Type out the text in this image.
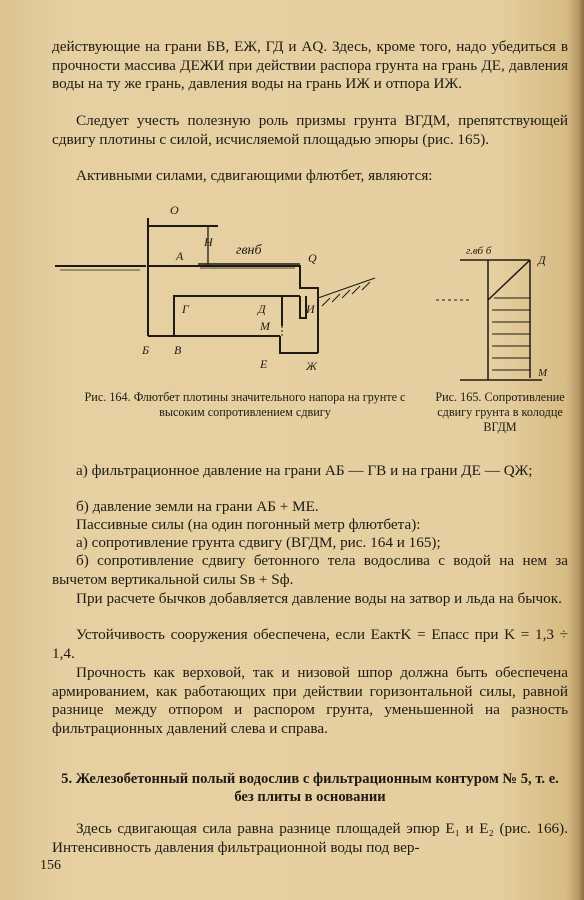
действующие на грани БВ, ЕЖ, ГД и AQ. Здесь, кроме того, надо убедиться в прочности массива ДЕЖИ при действии распора грунта на грань ДЕ, давления воды на ту же грань, давления воды на грань ИЖ и отпора ИЖ.

Следует учесть полезную роль призмы грунта ВГДМ, препятствующей сдвигу плотины с силой, исчисляемой площадью эпюры (рис. 165).

Активными силами, сдвигающими флютбет, являются:

O
A
H
гвнб	Q
Г	Д	И
М
Б В
Е	Ж
г.вб б
Д
М

Рис. 164. Флютбет плотины значительного напора на грунте с высоким сопротивлением сдвигу

Рис. 165. Сопротивление сдвигу грунта в колодце ВГДМ

а) фильтрационное давление на грани АБ — ГВ и на грани ДЕ — QЖ;

б) давление земли на грани АБ + МЕ.

Пассивные силы (на один погонный метр флютбета):

а) сопротивление грунта сдвигу (ВГДМ, рис. 164 и 165);

б) сопротивление сдвигу бетонного тела водослива с водой на нем за вычетом вертикальной силы Sв + Sф.

При расчете бычков добавляется давление воды на затвор и льда на бычок.

Устойчивость сооружения обеспечена, если EактK = Eпасс при K = 1,3 ÷ 1,4.

Прочность как верховой, так и низовой шпор должна быть обеспечена армированием, как работающих при действии горизонтальной силы, равной разнице между отпором и распором грунта, уменьшенной на разность фильтрационных давлений слева и справа.

5. Железобетонный полый водослив с фильтрационным контуром № 5, т. е. без плиты в основании

Здесь сдвигающая сила равна разнице площадей эпюр E₁ и E₂ (рис. 166). Интенсивность давления фильтрационной воды под вер-

156
